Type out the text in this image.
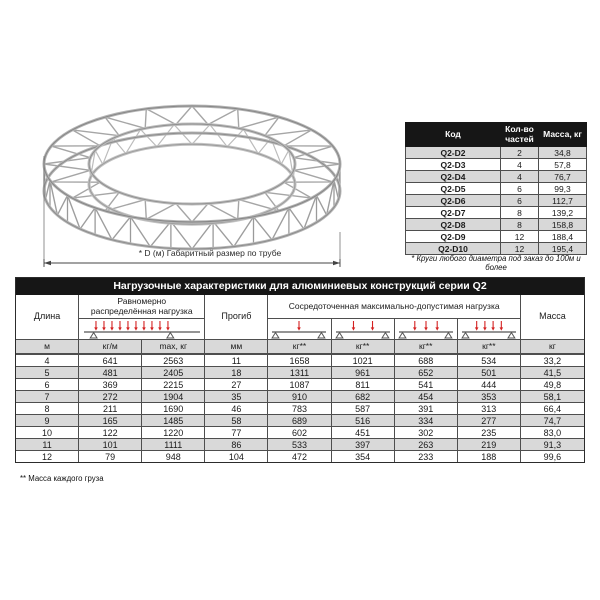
* D (м) Габаритный размер по трубе
Код	Кол-во частей	Масса, кг
Q2-D2	2	34,8
Q2-D3	4	57,8
Q2-D4	4	76,7
Q2-D5	6	99,3
Q2-D6	6	112,7
Q2-D7	8	139,2
Q2-D8	8	158,8
Q2-D9	12	188,4
Q2-D10	12	195,4
* Круги любого диаметра под заказ до 100м и более
Нагрузочные характеристики для алюминиевых конструкций серии Q2
Длина
Равномерно распределённая нагрузка
Прогиб
Сосредоточенная максимально-допустимая нагрузка
Масса
м	кг/м	max, кг	мм	кг**	кг**	кг**	кг**	кг
4	641	2563	11	1658	1021	688	534	33,2
5	481	2405	18	1311	961	652	501	41,5
6	369	2215	27	1087	811	541	444	49,8
7	272	1904	35	910	682	454	353	58,1
8	211	1690	46	783	587	391	313	66,4
9	165	1485	58	689	516	334	277	74,7
10	122	1220	77	602	451	302	235	83,0
11	101	1111	86	533	397	263	219	91,3
12	79	948	104	472	354	233	188	99,6
** Масса каждого груза
